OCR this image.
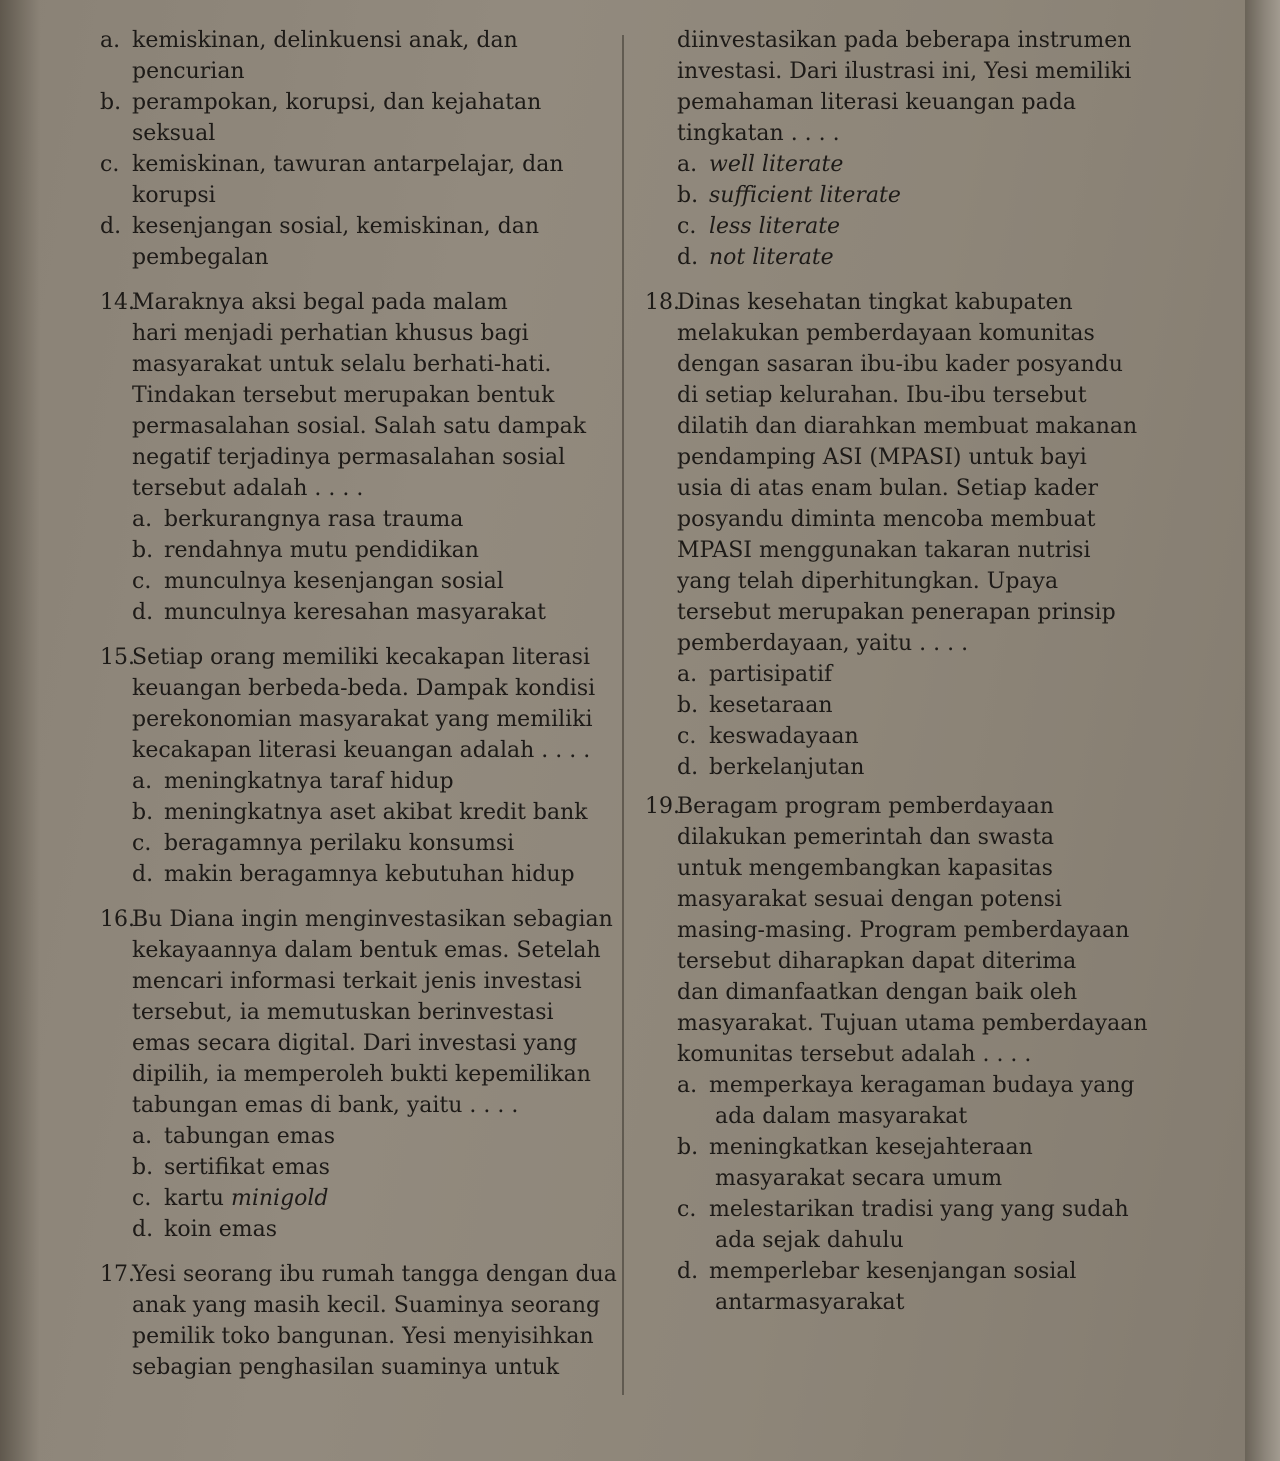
a. kemiskinan, delinkuensi anak, dan
pencurian
b. perampokan, korupsi, dan kejahatan
seksual
c. kemiskinan, tawuran antarpelajar, dan
korupsi
d. kesenjangan sosial, kemiskinan, dan
pembegalan
14.Maraknya aksi begal pada malam
hari menjadi perhatian khusus bagi
masyarakat untuk selalu berhati-hati.
Tindakan tersebut merupakan bentuk
permasalahan sosial. Salah satu dampak
negatif terjadinya permasalahan sosial
tersebut adalah . . . .
a. berkurangnya rasa trauma
b. rendahnya mutu pendidikan
c. munculnya kesenjangan sosial
d. munculnya keresahan masyarakat
15.Setiap orang memiliki kecakapan literasi
keuangan berbeda-beda. Dampak kondisi
perekonomian masyarakat yang memiliki
kecakapan literasi keuangan adalah . . . .
a. meningkatnya taraf hidup
b. meningkatnya aset akibat kredit bank
c. beragamnya perilaku konsumsi
d. makin beragamnya kebutuhan hidup
16.Bu Diana ingin menginvestasikan sebagian
kekayaannya dalam bentuk emas. Setelah
mencari informasi terkait jenis investasi
tersebut, ia memutuskan berinvestasi
emas secara digital. Dari investasi yang
dipilih, ia memperoleh bukti kepemilikan
tabungan emas di bank, yaitu . . . .
a. tabungan emas
b. sertifikat emas
c. kartu minigold
d. koin emas
17.Yesi seorang ibu rumah tangga dengan dua
anak yang masih kecil. Suaminya seorang
pemilik toko bangunan. Yesi menyisihkan
sebagian penghasilan suaminya untuk
diinvestasikan pada beberapa instrumen
investasi. Dari ilustrasi ini, Yesi memiliki
pemahaman literasi keuangan pada
tingkatan . . . .
a. well literate
b. sufficient literate
c. less literate
d. not literate
18.Dinas kesehatan tingkat kabupaten
melakukan pemberdayaan komunitas
dengan sasaran ibu-ibu kader posyandu
di setiap kelurahan. Ibu-ibu tersebut
dilatih dan diarahkan membuat makanan
pendamping ASI (MPASI) untuk bayi
usia di atas enam bulan. Setiap kader
posyandu diminta mencoba membuat
MPASI menggunakan takaran nutrisi
yang telah diperhitungkan. Upaya
tersebut merupakan penerapan prinsip
pemberdayaan, yaitu . . . .
a. partisipatif
b. kesetaraan
c. keswadayaan
d. berkelanjutan
19.Beragam program pemberdayaan
dilakukan pemerintah dan swasta
untuk mengembangkan kapasitas
masyarakat sesuai dengan potensi
masing-masing. Program pemberdayaan
tersebut diharapkan dapat diterima
dan dimanfaatkan dengan baik oleh
masyarakat. Tujuan utama pemberdayaan
komunitas tersebut adalah . . . .
a. memperkaya keragaman budaya yang
ada dalam masyarakat
b. meningkatkan kesejahteraan
masyarakat secara umum
c. melestarikan tradisi yang yang sudah
ada sejak dahulu
d. memperlebar kesenjangan sosial
antarmasyarakat
